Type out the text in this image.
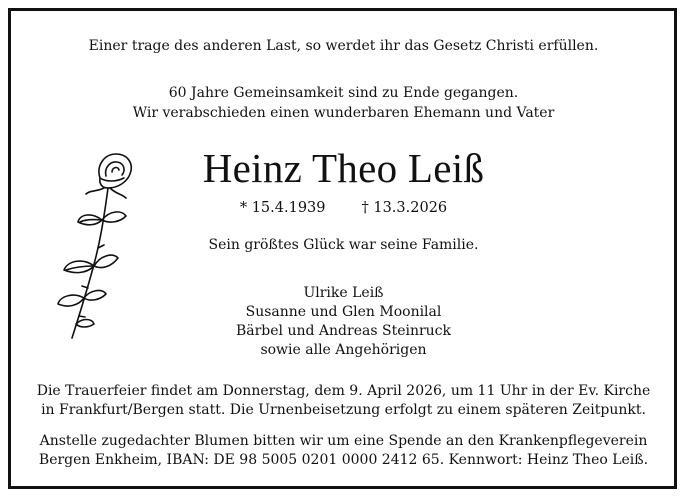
Einer trage des anderen Last, so werdet ihr das Gesetz Christi erfüllen.
60 Jahre Gemeinsamkeit sind zu Ende gegangen.
Wir verabschieden einen wunderbaren Ehemann und Vater
Heinz Theo Leiß
* 15.4.1939 † 13.3.2026
Sein größtes Glück war seine Familie.
Ulrike Leiß
Susanne und Glen Moonilal
Bärbel und Andreas Steinruck
sowie alle Angehörigen
Die Trauerfeier findet am Donnerstag, dem 9. April 2026, um 11 Uhr in der Ev. Kirche
in Frankfurt/Bergen statt. Die Urnenbeisetzung erfolgt zu einem späteren Zeitpunkt.
Anstelle zugedachter Blumen bitten wir um eine Spende an den Krankenpflegeverein
Bergen Enkheim, IBAN: DE 98 5005 0201 0000 2412 65. Kennwort: Heinz Theo Leiß.
